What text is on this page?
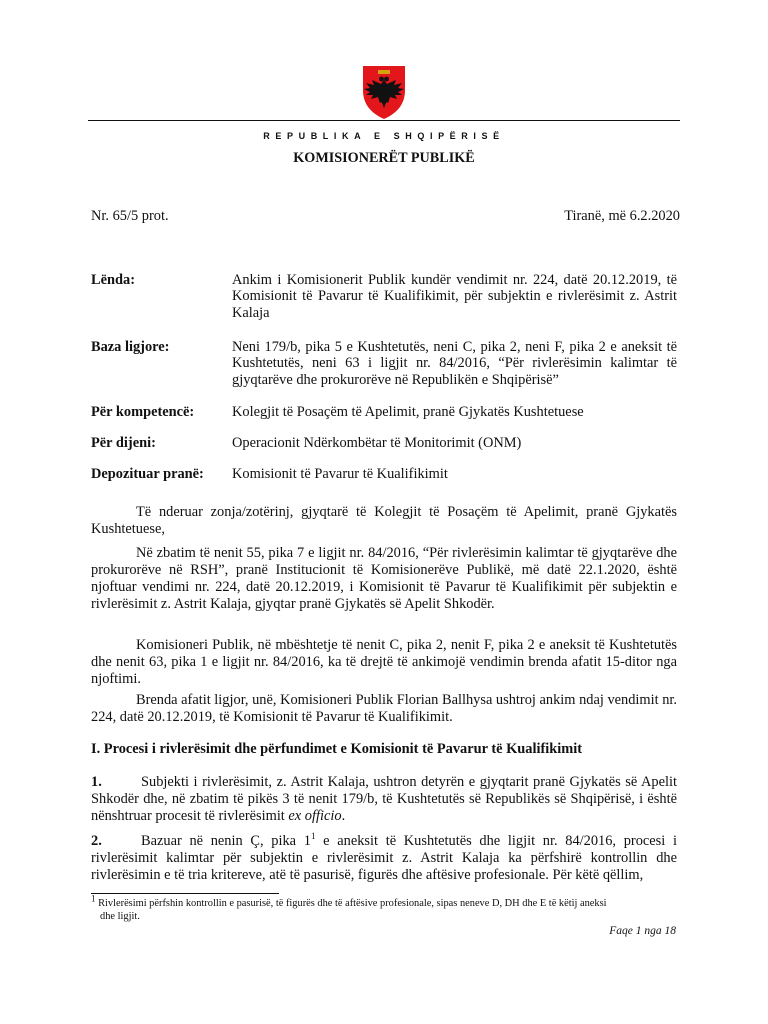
REPUBLIKA E SHQIPËRISË
KOMISIONERËT PUBLIKË
Nr. 65/5 prot.	Tiranë, më 6.2.2020
Lënda:	Ankim i Komisionerit Publik kundër vendimit nr. 224, datë 20.12.2019, të Komisionit të Pavarur të Kualifikimit, për subjektin e rivlerësimit z. Astrit Kalaja
Baza ligjore:	Neni 179/b, pika 5 e Kushtetutës, neni C, pika 2, neni F, pika 2 e aneksit të Kushtetutës, neni 63 i ligjit nr. 84/2016, “Për rivlerësimin kalimtar të gjyqtarëve dhe prokurorëve në Republikën e Shqipërisë”
Për kompetencë:	Kolegjit të Posaçëm të Apelimit, pranë Gjykatës Kushtetuese
Për dijeni:	Operacionit Ndërkombëtar të Monitorimit (ONM)
Depozituar pranë: Komisionit të Pavarur të Kualifikimit
Të nderuar zonja/zotërinj, gjyqtarë të Kolegjit të Posaçëm të Apelimit, pranë Gjykatës Kushtetuese,
Në zbatim të nenit 55, pika 7 e ligjit nr. 84/2016, “Për rivlerësimin kalimtar të gjyqtarëve dhe prokurorëve në RSH”, pranë Institucionit të Komisionerëve Publikë, më datë 22.1.2020, është njoftuar vendimi nr. 224, datë 20.12.2019, i Komisionit të Pavarur të Kualifikimit për subjektin e rivlerësimit z. Astrit Kalaja, gjyqtar pranë Gjykatës së Apelit Shkodër.
Komisioneri Publik, në mbështetje të nenit C, pika 2, nenit F, pika 2 e aneksit të Kushtetutës dhe nenit 63, pika 1 e ligjit nr. 84/2016, ka të drejtë të ankimojë vendimin brenda afatit 15-ditor nga njoftimi.
Brenda afatit ligjor, unë, Komisioneri Publik Florian Ballhysa ushtroj ankim ndaj vendimit nr. 224, datë 20.12.2019, të Komisionit të Pavarur të Kualifikimit.
I. Procesi i rivlerësimit dhe përfundimet e Komisionit të Pavarur të Kualifikimit
1.	Subjekti i rivlerësimit, z. Astrit Kalaja, ushtron detyrën e gjyqtarit pranë Gjykatës së Apelit Shkodër dhe, në zbatim të pikës 3 të nenit 179/b, të Kushtetutës së Republikës së Shqipërisë, i është nënshtruar procesit të rivlerësimit ex officio.
2.	Bazuar në nenin Ç, pika $1^1$ e aneksit të Kushtetutës dhe ligjit nr. 84/2016, procesi i rivlerësimit kalimtar për subjektin e rivlerësimit z. Astrit Kalaja ka përfshirë kontrollin dhe rivlerësimin e të tria kritereve, atë të pasurisë, figurës dhe aftësive profesionale. Për këtë qëllim,
$^1$ Rivlerësimi përfshin kontrollin e pasurisë, të figurës dhe të aftësive profesionale, sipas neneve D, DH dhe E të këtij aneksi
dhe ligjit.
Faqe 1 nga 18
